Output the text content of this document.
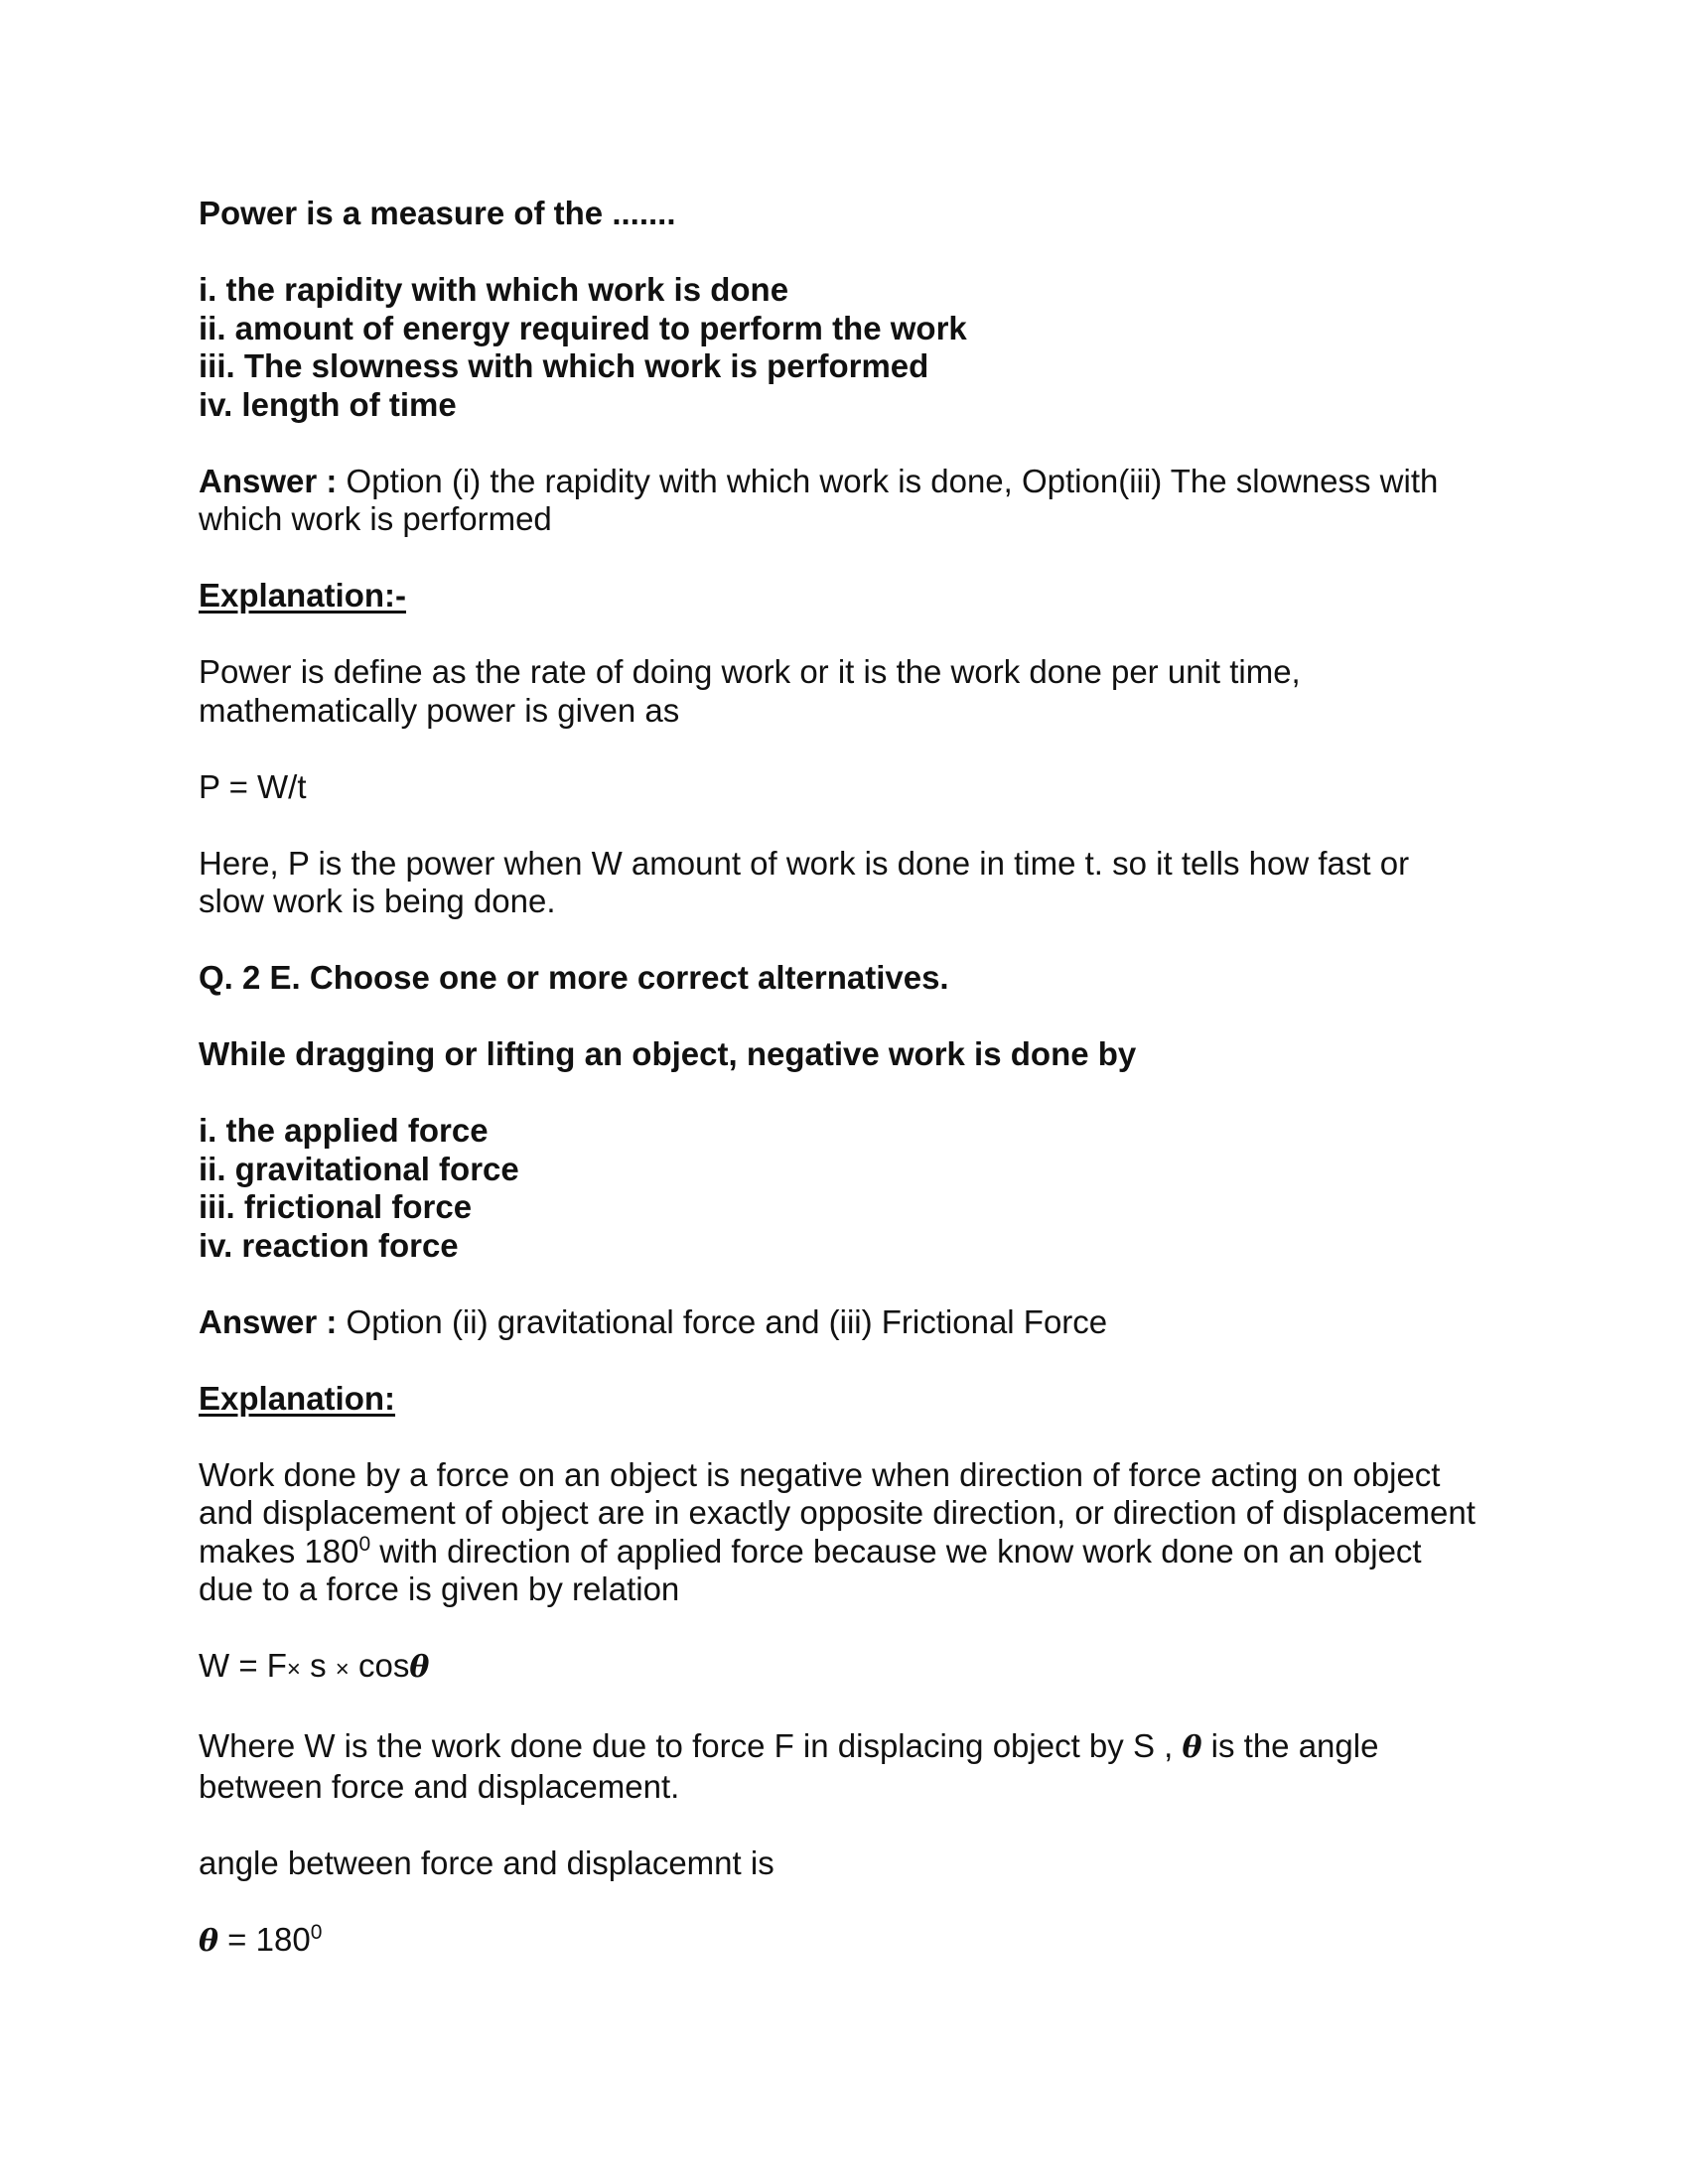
Power is a measure of the .......
i. the rapidity with which work is done
ii. amount of energy required to perform the work
iii. The slowness with which work is performed
iv. length of time
Answer : Option (i) the rapidity with which work is done, Option(iii) The slowness with
which work is performed
Explanation:-
Power is define as the rate of doing work or it is the work done per unit time,
mathematically power is given as
P = W/t
Here, P is the power when W amount of work is done in time t. so it tells how fast or
slow work is being done.
Q. 2 E. Choose one or more correct alternatives.
While dragging or lifting an object, negative work is done by
i. the applied force
ii. gravitational force
iii. frictional force
iv. reaction force
Answer : Option (ii) gravitational force and (iii) Frictional Force
Explanation:
Work done by a force on an object is negative when direction of force acting on object
and displacement of object are in exactly opposite direction, or direction of displacement
makes $180^0$ with direction of applied force because we know work done on an object
due to a force is given by relation
W = F× s × cosθ
Where W is the work done due to force F in displacing object by S , θ is the angle
between force and displacement.
angle between force and displacemnt is
$\theta = 180^0$
